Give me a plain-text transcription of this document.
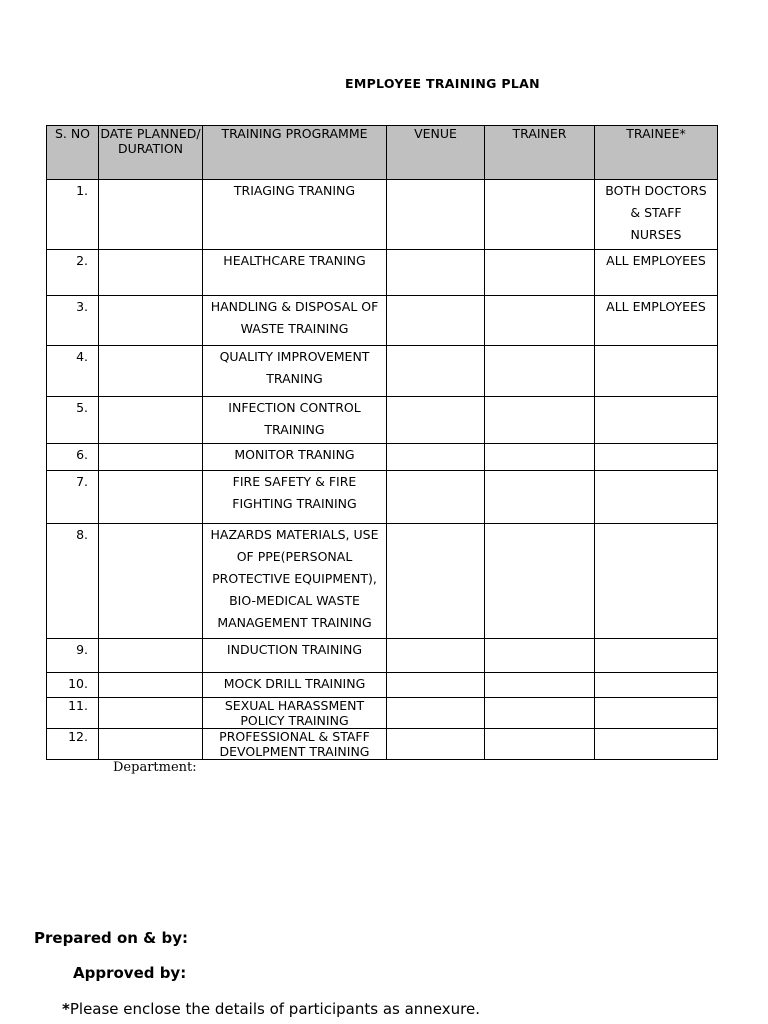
EMPLOYEE TRAINING PLAN
S. NO	DATE PLANNED/ DURATION	TRAINING PROGRAMME	VENUE	TRAINER	TRAINEE*
1.		TRIAGING TRANING			BOTH DOCTORS & STAFF NURSES
2.		HEALTHCARE TRANING			ALL EMPLOYEES
3.		HANDLING & DISPOSAL OF WASTE TRAINING			ALL EMPLOYEES
4.		QUALITY IMPROVEMENT TRANING			
5.		INFECTION CONTROL TRAINING			
6.		MONITOR TRANING			
7.		FIRE SAFETY & FIRE FIGHTING TRAINING			
8.		HAZARDS MATERIALS, USE OF PPE(PERSONAL PROTECTIVE EQUIPMENT), BIO-MEDICAL WASTE MANAGEMENT TRAINING			
9.		INDUCTION TRAINING			
10.		MOCK DRILL TRAINING			
11.		SEXUAL HARASSMENT POLICY TRAINING			
12.		PROFESSIONAL & STAFF DEVOLPMENT TRAINING			
Department:
Prepared on & by:
Approved by:
*Please enclose the details of participants as annexure.
